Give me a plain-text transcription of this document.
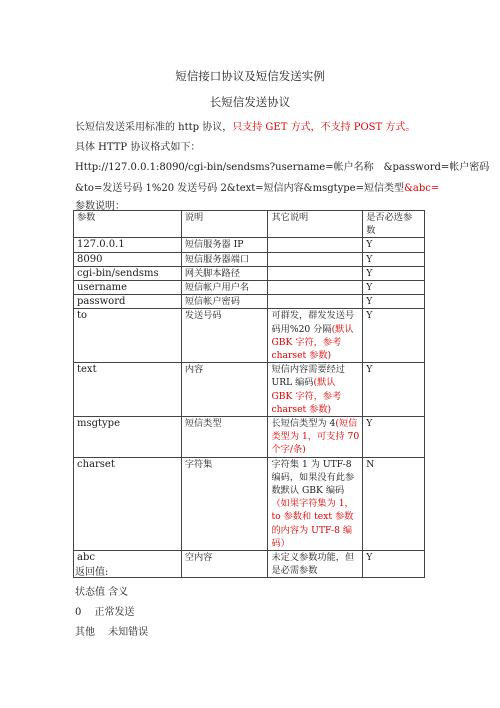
短信接口协议及短信发送实例
长短信发送协议
长短信发送采用标准的 http 协议，只支持 GET 方式，不支持 POST 方式。
具体 HTTP 协议格式如下：
Http://127.0.0.1:8090/cgi-bin/sendsms?username=帐户名称　&password=帐户密码
&to=发送号码 1%20 发送号码 2&text=短信内容&msgtype=短信类型&abc=
参数说明：
参数	说明	其它说明	是否必选参数
127.0.0.1	短信服务器 IP		Y
8090	短信服务器端口		Y
cgi-bin/sendsms	网关脚本路径		Y
username	短信帐户用户名		Y
password	短信帐户密码		Y
to	发送号码	可群发，群发发送号码用%20 分隔(默认 GBK 字符，参考 charset 参数)	Y
text	内容	短信内容需要经过 URL 编码(默认 GBK 字符，参考 charset 参数)	Y
msgtype	短信类型	长短信类型为 4(短信类型为 1，可支持 70 个字/条)	Y
charset	字符集	字符集 1 为 UTF-8 编码，如果没有此参数默认 GBK 编码（如果字符集为 1，to 参数和 text 参数的内容为 UTF-8 编码）	N
abc	空内容	未定义参数功能，但是必需参数	Y
返回值:
状态值 含义
0　 正常发送
其他　 未知错误
